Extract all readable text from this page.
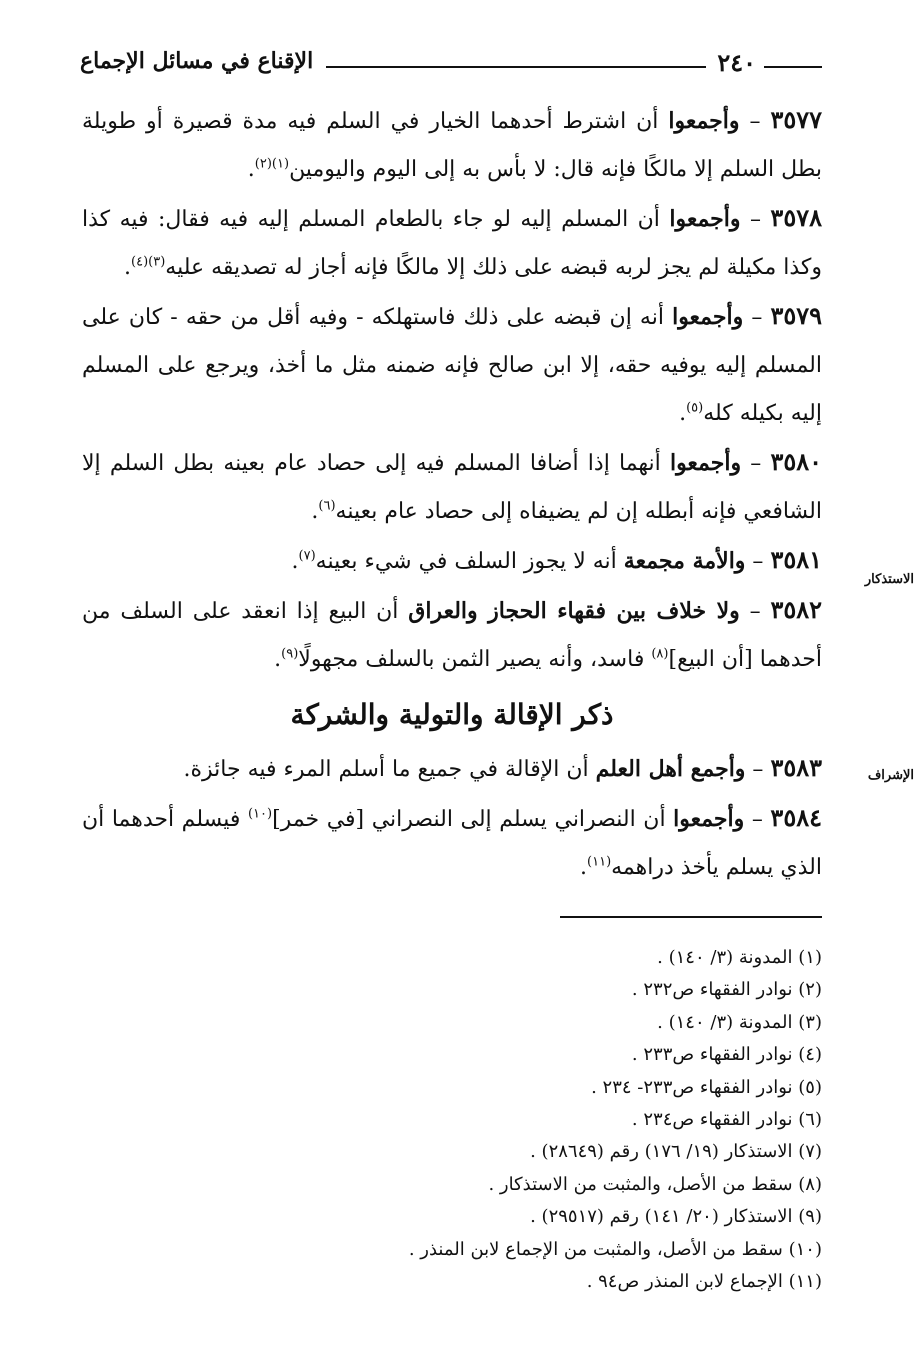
٢٤٠
الإقناع في مسائل الإجماع
الاستذكار
الإشراف

٣٥٧٧ – وأجمعوا أن اشترط أحدهما الخيار في السلم فيه مدة قصيرة أو طويلة بطل السلم إلا مالكًا فإنه قال: لا بأس به إلى اليوم واليومين$^{(١)(٢)}$.

٣٥٧٨ – وأجمعوا أن المسلم إليه لو جاء بالطعام المسلم إليه فيه فقال: فيه كذا وكذا مكيلة لم يجز لربه قبضه على ذلك إلا مالكًا فإنه أجاز له تصديقه عليه$^{(٣)(٤)}$.

٣٥٧٩ – وأجمعوا أنه إن قبضه على ذلك فاستهلكه - وفيه أقل من حقه - كان على المسلم إليه يوفيه حقه، إلا ابن صالح فإنه ضمنه مثل ما أخذ، ويرجع على المسلم إليه بكيله كله$^{(٥)}$.

٣٥٨٠ – وأجمعوا أنهما إذا أضافا المسلم فيه إلى حصاد عام بعينه بطل السلم إلا الشافعي فإنه أبطله إن لم يضيفاه إلى حصاد عام بعينه$^{(٦)}$.

٣٥٨١ – والأمة مجمعة أنه لا يجوز السلف في شيء بعينه$^{(٧)}$.

٣٥٨٢ – ولا خلاف بين فقهاء الحجاز والعراق أن البيع إذا انعقد على السلف من أحدهما [أن البيع]$^{(٨)}$ فاسد، وأنه يصير الثمن بالسلف مجهولًا$^{(٩)}$.

ذكر الإقالة والتولية والشركة

٣٥٨٣ – وأجمع أهل العلم أن الإقالة في جميع ما أسلم المرء فيه جائزة.

٣٥٨٤ – وأجمعوا أن النصراني يسلم إلى النصراني [في خمر]$^{(١٠)}$ فيسلم أحدهما أن الذي يسلم يأخذ دراهمه$^{(١١)}$.

(١) المدونة (٣/ ١٤٠) .
(٢) نوادر الفقهاء ص٢٣٢ .
(٣) المدونة (٣/ ١٤٠) .
(٤) نوادر الفقهاء ص٢٣٣ .
(٥) نوادر الفقهاء ص٢٣٣- ٢٣٤ .
(٦) نوادر الفقهاء ص٢٣٤ .
(٧) الاستذكار (١٩/ ١٧٦) رقم (٢٨٦٤٩) .
(٨) سقط من الأصل، والمثبت من الاستذكار .
(٩) الاستذكار (٢٠/ ١٤١) رقم (٢٩٥١٧) .
(١٠) سقط من الأصل، والمثبت من الإجماع لابن المنذر .
(١١) الإجماع لابن المنذر ص٩٤ .
